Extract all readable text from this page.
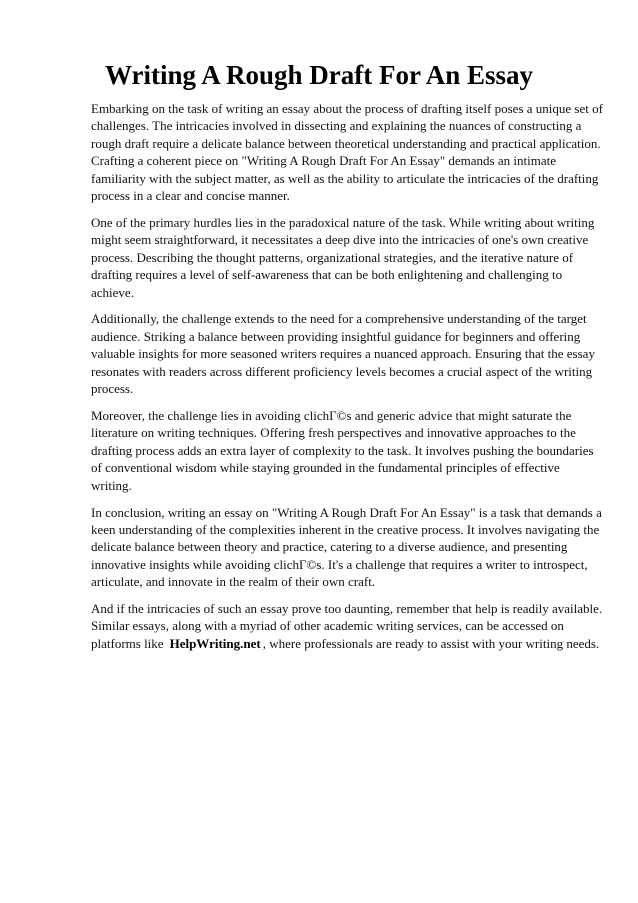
Writing A Rough Draft For An Essay

Embarking on the task of writing an essay about the process of drafting itself poses a unique set of challenges. The intricacies involved in dissecting and explaining the nuances of constructing a rough draft require a delicate balance between theoretical understanding and practical application. Crafting a coherent piece on "Writing A Rough Draft For An Essay" demands an intimate familiarity with the subject matter, as well as the ability to articulate the intricacies of the drafting process in a clear and concise manner.

One of the primary hurdles lies in the paradoxical nature of the task. While writing about writing might seem straightforward, it necessitates a deep dive into the intricacies of one's own creative process. Describing the thought patterns, organizational strategies, and the iterative nature of drafting requires a level of self-awareness that can be both enlightening and challenging to achieve.

Additionally, the challenge extends to the need for a comprehensive understanding of the target audience. Striking a balance between providing insightful guidance for beginners and offering valuable insights for more seasoned writers requires a nuanced approach. Ensuring that the essay resonates with readers across different proficiency levels becomes a crucial aspect of the writing process.

Moreover, the challenge lies in avoiding clichГ©s and generic advice that might saturate the literature on writing techniques. Offering fresh perspectives and innovative approaches to the drafting process adds an extra layer of complexity to the task. It involves pushing the boundaries of conventional wisdom while staying grounded in the fundamental principles of effective writing.

In conclusion, writing an essay on "Writing A Rough Draft For An Essay" is a task that demands a keen understanding of the complexities inherent in the creative process. It involves navigating the delicate balance between theory and practice, catering to a diverse audience, and presenting innovative insights while avoiding clichГ©s. It's a challenge that requires a writer to introspect, articulate, and innovate in the realm of their own craft.

And if the intricacies of such an essay prove too daunting, remember that help is readily available. Similar essays, along with a myriad of other academic writing services, can be accessed on platforms like HelpWriting.net , where professionals are ready to assist with your writing needs.
